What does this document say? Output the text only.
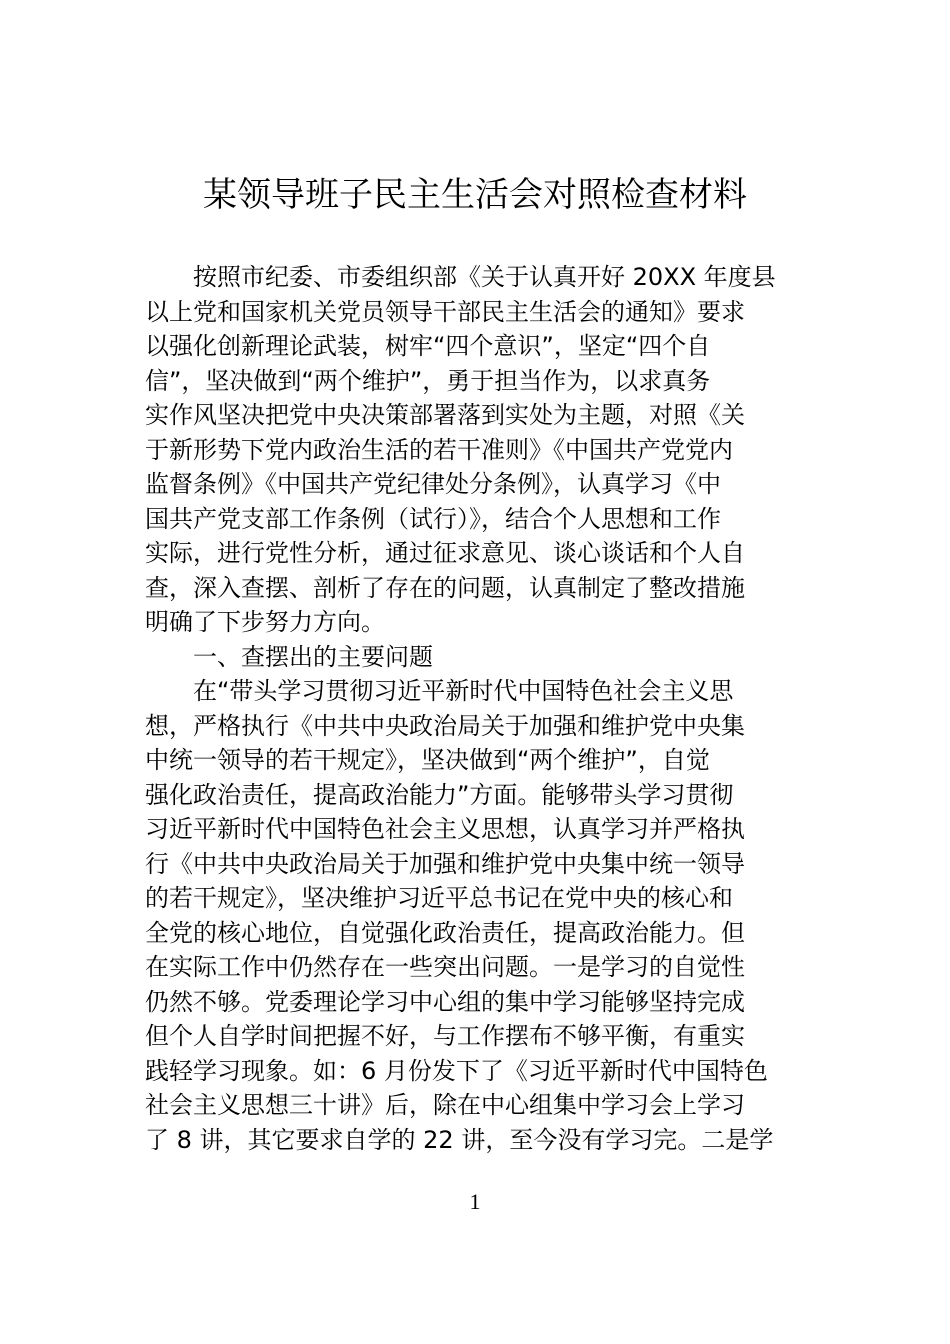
某领导班子民主生活会对照检查材料
　　按照市纪委、市委组织部《关于认真开好 20XX 年度县
以上党和国家机关党员领导干部民主生活会的通知》要求
以强化创新理论武装，树牢“四个意识”，坚定“四个自
信”，坚决做到“两个维护”，勇于担当作为，以求真务
实作风坚决把党中央决策部署落到实处为主题，对照《关
于新形势下党内政治生活的若干准则》《中国共产党党内
监督条例》《中国共产党纪律处分条例》，认真学习《中
国共产党支部工作条例（试行）》，结合个人思想和工作
实际，进行党性分析，通过征求意见、谈心谈话和个人自
查，深入查摆、剖析了存在的问题，认真制定了整改措施
明确了下步努力方向。
　　一、查摆出的主要问题
　　在“带头学习贯彻习近平新时代中国特色社会主义思
想，严格执行《中共中央政治局关于加强和维护党中央集
中统一领导的若干规定》，坚决做到“两个维护”，自觉
强化政治责任，提高政治能力”方面。能够带头学习贯彻
习近平新时代中国特色社会主义思想，认真学习并严格执
行《中共中央政治局关于加强和维护党中央集中统一领导
的若干规定》，坚决维护习近平总书记在党中央的核心和
全党的核心地位，自觉强化政治责任，提高政治能力。但
在实际工作中仍然存在一些突出问题。一是学习的自觉性
仍然不够。党委理论学习中心组的集中学习能够坚持完成
但个人自学时间把握不好，与工作摆布不够平衡，有重实
践轻学习现象。如：6 月份发下了《习近平新时代中国特色
社会主义思想三十讲》后，除在中心组集中学习会上学习
了 8 讲，其它要求自学的 22 讲，至今没有学习完。二是学
1
